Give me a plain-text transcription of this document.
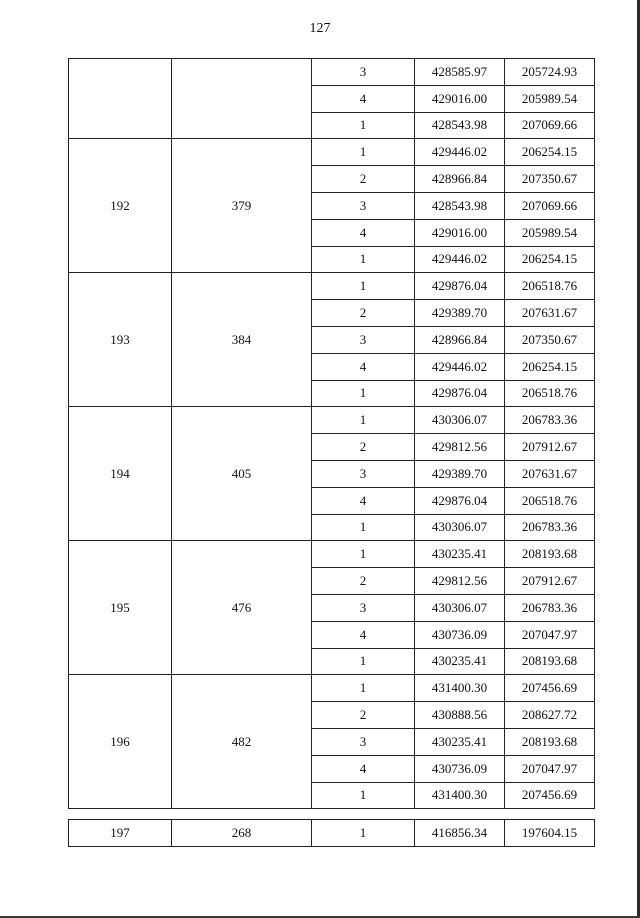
127
		3	428585.97	205724.93
		4	429016.00	205989.54
		1	428543.98	207069.66
192	379	1	429446.02	206254.15
		2	428966.84	207350.67
		3	428543.98	207069.66
		4	429016.00	205989.54
		1	429446.02	206254.15
193	384	1	429876.04	206518.76
		2	429389.70	207631.67
		3	428966.84	207350.67
		4	429446.02	206254.15
		1	429876.04	206518.76
194	405	1	430306.07	206783.36
		2	429812.56	207912.67
		3	429389.70	207631.67
		4	429876.04	206518.76
		1	430306.07	206783.36
195	476	1	430235.41	208193.68
		2	429812.56	207912.67
		3	430306.07	206783.36
		4	430736.09	207047.97
		1	430235.41	208193.68
196	482	1	431400.30	207456.69
		2	430888.56	208627.72
		3	430235.41	208193.68
		4	430736.09	207047.97
		1	431400.30	207456.69

197	268	1	416856.34	197604.15
